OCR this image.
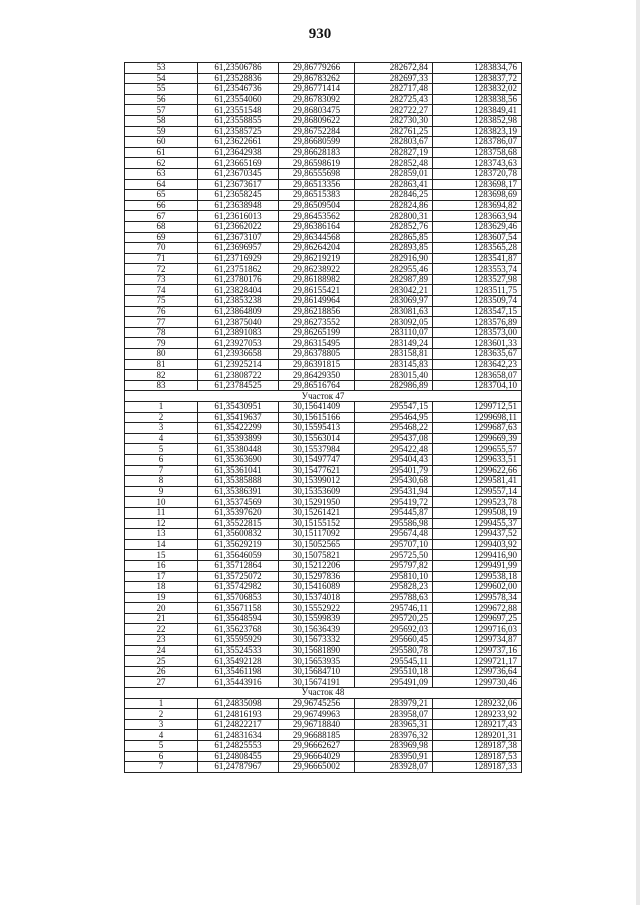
930
53	61,23506786	29,86779266	282672,84	1283834,76
54	61,23528836	29,86783262	282697,33	1283837,72
55	61,23546736	29,86771414	282717,48	1283832,02
56	61,23554060	29,86783092	282725,43	1283838,56
57	61,23551548	29,86803475	282722,27	1283849,41
58	61,23558855	29,86809622	282730,30	1283852,98
59	61,23585725	29,86752284	282761,25	1283823,19
60	61,23622661	29,86680599	282803,67	1283786,07
61	61,23642938	29,86628183	282827,19	1283758,68
62	61,23665169	29,86598619	282852,48	1283743,63
63	61,23670345	29,86555698	282859,01	1283720,78
64	61,23673617	29,86513356	282863,41	1283698,17
65	61,23658245	29,86515383	282846,25	1283698,69
66	61,23638948	29,86509504	282824,86	1283694,82
67	61,23616013	29,86453562	282800,31	1283663,94
68	61,23662022	29,86386164	282852,76	1283629,46
69	61,23673107	29,86344568	282865,85	1283607,54
70	61,23696957	29,86264204	282893,85	1283565,28
71	61,23716929	29,86219219	282916,90	1283541,87
72	61,23751862	29,86238922	282955,46	1283553,74
73	61,23780176	29,86188982	282987,89	1283527,98
74	61,23828404	29,86155421	283042,21	1283511,75
75	61,23853238	29,86149964	283069,97	1283509,74
76	61,23864809	29,86218856	283081,63	1283547,15
77	61,23875040	29,86273552	283092,05	1283576,89
78	61,23891083	29,86265199	283110,07	1283573,00
79	61,23927053	29,86315495	283149,24	1283601,33
80	61,23936658	29,86378805	283158,81	1283635,67
81	61,23925214	29,86391815	283145,83	1283642,23
82	61,23808722	29,86429350	283015,40	1283658,07
83	61,23784525	29,86516764	282986,89	1283704,10
Участок 47				
1	61,35430951	30,15641409	295547,15	1299712,51
2	61,35419637	30,15615166	295464,95	1299698,11
3	61,35422299	30,15595413	295468,22	1299687,63
4	61,35393899	30,15563014	295437,08	1299669,39
5	61,35380448	30,15537984	295422,48	1299655,57
6	61,35363690	30,15497747	295404,43	1299633,51
7	61,35361041	30,15477621	295401,79	1299622,66
8	61,35385888	30,15399012	295430,68	1299581,41
9	61,35386391	30,15353609	295431,94	1299557,14
10	61,35374569	30,15291950	295419,72	1299523,78
11	61,35397620	30,15261421	295445,87	1299508,19
12	61,35522815	30,15155152	295586,98	1299455,37
13	61,35600832	30,15117092	295674,48	1299437,52
14	61,35629219	30,15052565	295707,10	1299403,92
15	61,35646059	30,15075821	295725,50	1299416,90
16	61,35712864	30,15212206	295797,82	1299491,99
17	61,35725072	30,15297836	295810,10	1299538,18
18	61,35742982	30,15416089	295828,23	1299602,00
19	61,35706853	30,15374018	295788,63	1299578,34
20	61,35671158	30,15552922	295746,11	1299672,88
21	61,35648594	30,15599839	295720,25	1299697,25
22	61,35623768	30,15636439	295692,03	1299716,03
23	61,35595929	30,15673332	295660,45	1299734,87
24	61,35524533	30,15681890	295580,78	1299737,16
25	61,35492128	30,15653935	295545,11	1299721,17
26	61,35461198	30,15684710	295510,18	1299736,64
27	61,35443916	30,15674191	295491,09	1299730,46
Участок 48				
1	61,24835098	29,96745256	283979,21	1289232,06
2	61,24816193	29,96749963	283958,07	1289233,92
3	61,24822217	29,96718840	283965,31	1289217,43
4	61,24831634	29,96688185	283976,32	1289201,31
5	61,24825553	29,96662627	283969,98	1289187,38
6	61,24808455	29,96664029	283950,91	1289187,53
7	61,24787967	29,96665002	283928,07	1289187,33
